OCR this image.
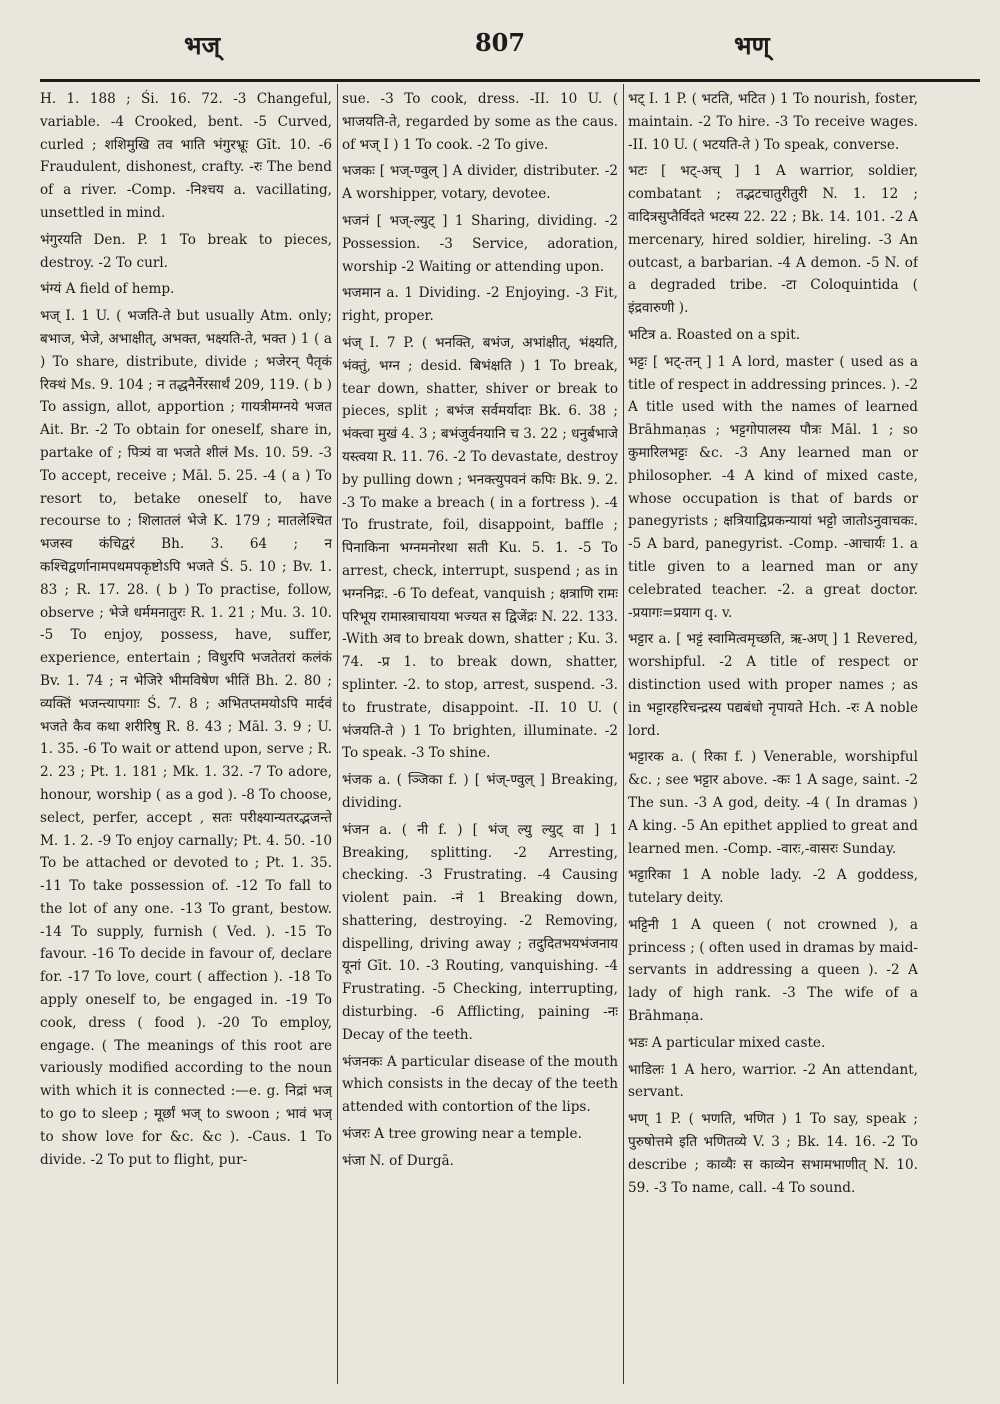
भज्	807	भण्

H. 1. 188 ; Śi. 16. 72. -3 Changeful, variable. -4 Crooked, bent. -5 Curved, curled ; शशिमुखि तव भाति भंगुरभ्रूः Gīt. 10. -6 Fraudulent, dishonest, crafty. -रः The bend of a river. -Comp. -निश्चय a. vacillating, unsettled in mind.

भंगुरयति Den. P. 1 To break to pieces, destroy. -2 To curl.

भंग्यं A field of hemp.

भज् I. 1 U. ( भजति-ते but usually Atm. only; बभाज, भेजे, अभाक्षीत्, अभक्त, भक्ष्यति-ते, भक्त ) 1 ( a ) To share, distribute, divide ; भजेरन् पैतृकं रिक्थं Ms. 9. 104 ; न तद्धनैर्नेरसार्थं 209, 119. ( b ) To assign, allot, apportion ; गायत्रीमग्नये भजत Ait. Br. -2 To obtain for oneself, share in, partake of ; पित्र्यं वा भजते शीलं Ms. 10. 59. -3 To accept, receive ; Māl. 5. 25. -4 ( a ) To resort to, betake oneself to, have recourse to ; शिलातलं भेजे K. 179 ; मातलेश्चित भजस्व कंचिद्वरं Bh. 3. 64 ; न कश्चिद्वर्णानामपथमपकृष्टोऽपि भजते Ś. 5. 10 ; Bv. 1. 83 ; R. 17. 28. ( b ) To practise, follow, observe ; भेजे धर्ममनातुरः R. 1. 21 ; Mu. 3. 10. -5 To enjoy, possess, have, suffer, experience, entertain ; विधुरपि भजतेतरां कलंकं Bv. 1. 74 ; न भेजिरे भीमविषेण भीतिं Bh. 2. 80 ; व्यक्तिं भजन्त्यापगाः Ś. 7. 8 ; अभितप्तमयोऽपि मार्दवं भजते कैव कथा शरीरिषु R. 8. 43 ; Māl. 3. 9 ; U. 1. 35. -6 To wait or attend upon, serve ; R. 2. 23 ; Pt. 1. 181 ; Mk. 1. 32. -7 To adore, honour, worship ( as a god ). -8 To choose, select, perfer, accept , सतः परीक्ष्यान्यतरद्भजन्ते M. 1. 2. -9 To enjoy carnally; Pt. 4. 50. -10 To be attached or devoted to ; Pt. 1. 35. -11 To take possession of. -12 To fall to the lot of any one. -13 To grant, bestow. -14 To supply, furnish ( Ved. ). -15 To favour. -16 To decide in favour of, declare for. -17 To love, court ( affection ). -18 To apply oneself to, be engaged in. -19 To cook, dress ( food ). -20 To employ, engage. ( The meanings of this root are variously modified according to the noun with which it is connected :—e. g. निद्रां भज् to go to sleep ; मूर्छां भज् to swoon ; भावं भज् to show love for &c. &c ). -Caus. 1 To divide. -2 To put to flight, pur-

sue. -3 To cook, dress. -II. 10 U. ( भाजयति-ते, regarded by some as the caus. of भज् I ) 1 To cook. -2 To give.

भजकः [ भज्-ण्वुल् ] A divider, distributer. -2 A worshipper, votary, devotee.

भजनं [ भज्-ल्युट् ] 1 Sharing, dividing. -2 Possession. -3 Service, adoration, worship -2 Waiting or attending upon.

भजमान a. 1 Dividing. -2 Enjoying. -3 Fit, right, proper.

भंज् I. 7 P. ( भनक्ति, बभंज, अभांक्षीत्, भंक्ष्यति, भंक्तुं, भग्न ; desid. बिभंक्षति ) 1 To break, tear down, shatter, shiver or break to pieces, split ; बभंज सर्वमर्यादाः Bk. 6. 38 ; भंक्त्वा मुखं 4. 3 ; बभंजुर्वनयानि च 3. 22 ; धनुर्बभाजे यस्त्वया R. 11. 76. -2 To devastate, destroy by pulling down ; भनक्त्युपवनं कपिः Bk. 9. 2. -3 To make a breach ( in a fortress ). -4 To frustrate, foil, disappoint, baffle ; पिनाकिना भग्नमनोरथा सती Ku. 5. 1. -5 To arrest, check, interrupt, suspend ; as in भग्ननिद्रः. -6 To defeat, vanquish ; क्षत्राणि रामः परिभूय रामास्त्राचायया भज्यत स द्विजेंद्रः N. 22. 133. -With अव to break down, shatter ; Ku. 3. 74. -प्र 1. to break down, shatter, splinter. -2. to stop, arrest, suspend. -3. to frustrate, disappoint. -II. 10 U. ( भंजयति-ते ) 1 To brighten, illuminate. -2 To speak. -3 To shine.

भंजक a. ( ञ्जिका f. ) [ भंज्-ण्वुल् ] Breaking, dividing.

भंजन a. ( नी f. ) [ भंज् ल्यु ल्युट् वा ] 1 Breaking, splitting. -2 Arresting, checking. -3 Frustrating. -4 Causing violent pain. -नं 1 Breaking down, shattering, destroying. -2 Removing, dispelling, driving away ; तदुदितभयभंजनाय यूनां Gīt. 10. -3 Routing, vanquishing. -4 Frustrating. -5 Checking, interrupting, disturbing. -6 Afflicting, paining -नः Decay of the teeth.

भंजनकः A particular disease of the mouth which consists in the decay of the teeth attended with contortion of the lips.

भंजरः A tree growing near a temple.

भंजा N. of Durgā.

भट् I. 1 P. ( भटति, भटित ) 1 To nourish, foster, maintain. -2 To hire. -3 To receive wages. -II. 10 U. ( भटयति-ते ) To speak, converse.

भटः [ भट्-अच् ] 1 A warrior, soldier, combatant ; तद्भटचातुरीतुरी N. 1. 12 ; वादित्रसुप्तैर्विदते भटस्य 22. 22 ; Bk. 14. 101. -2 A mercenary, hired soldier, hireling. -3 An outcast, a barbarian. -4 A demon. -5 N. of a degraded tribe. -टा Coloquintida ( इंद्रवारुणी ).

भटित्र a. Roasted on a spit.

भट्टः [ भट्-तन् ] 1 A lord, master ( used as a title of respect in addressing princes. ). -2 A title used with the names of learned Brāhmaṇas ; भट्टगोपालस्य पौत्रः Māl. 1 ; so कुमारिलभट्टः &c. -3 Any learned man or philosopher. -4 A kind of mixed caste, whose occupation is that of bards or panegyrists ; क्षत्रियाद्विप्रकन्यायां भट्टो जातोऽनुवाचकः. -5 A bard, panegyrist. -Comp. -आचार्यः 1. a title given to a learned man or any celebrated teacher. -2. a great doctor. -प्रयागः=प्रयाग q. v.

भट्टार a. [ भट्टं स्वामित्वमृच्छति, ऋ-अण् ] 1 Revered, worshipful. -2 A title of respect or distinction used with proper names ; as in भट्टारहरिचन्द्रस्य पद्यबंधो नृपायते Hch. -रः A noble lord.

भट्टारक a. ( रिका f. ) Venerable, worshipful &c. ; see भट्टार above. -कः 1 A sage, saint. -2 The sun. -3 A god, deity. -4 ( In dramas ) A king. -5 An epithet applied to great and learned men. -Comp. -वारः,-वासरः Sunday.

भट्टारिका 1 A noble lady. -2 A goddess, tutelary deity.

भट्टिनी 1 A queen ( not crowned ), a princess ; ( often used in dramas by maid-servants in addressing a queen ). -2 A lady of high rank. -3 The wife of a Brāhmaṇa.

भडः A particular mixed caste.

भाडिलः 1 A hero, warrior. -2 An attendant, servant.

भण् 1 P. ( भणति, भणित ) 1 To say, speak ; पुरुषोत्तमे इति भणितव्ये V. 3 ; Bk. 14. 16. -2 To describe ; काव्यैः स काव्येन सभामभाणीत् N. 10. 59. -3 To name, call. -4 To sound.
